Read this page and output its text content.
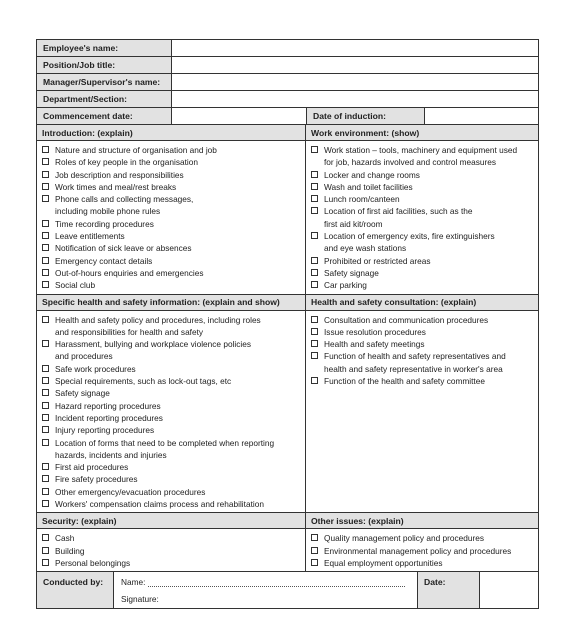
Employee's name:
Position/Job title:
Manager/Supervisor's name:
Department/Section:
Commencement date:	Date of induction:
Introduction: (explain)
Nature and structure of organisation and job
Roles of key people in the organisation
Job description and responsibilities
Work times and meal/rest breaks
Phone calls and collecting messages,
including mobile phone rules
Time recording procedures
Leave entitlements
Notification of sick leave or absences
Emergency contact details
Out-of-hours enquiries and emergencies
Social club
Work environment: (show)
Work station – tools, machinery and equipment used
for job, hazards involved and control measures
Locker and change rooms
Wash and toilet facilities
Lunch room/canteen
Location of first aid facilities, such as the
first aid kit/room
Location of emergency exits, fire extinguishers
and eye wash stations
Prohibited or restricted areas
Safety signage
Car parking
Specific health and safety information: (explain and show)
Health and safety policy and procedures, including roles
and responsibilities for health and safety
Harassment, bullying and workplace violence policies
and procedures
Safe work procedures
Special requirements, such as lock-out tags, etc
Safety signage
Hazard reporting procedures
Incident reporting procedures
Injury reporting procedures
Location of forms that need to be completed when reporting
hazards, incidents and injuries
First aid procedures
Fire safety procedures
Other emergency/evacuation procedures
Workers' compensation claims process and rehabilitation
Health and safety consultation: (explain)
Consultation and communication procedures
Issue resolution procedures
Health and safety meetings
Function of health and safety representatives and
health and safety representative in worker's area
Function of the health and safety committee
Security: (explain)
Cash
Building
Personal belongings
Other issues: (explain)
Quality management policy and procedures
Environmental management policy and procedures
Equal employment opportunities
Conducted by:	Name:
Signature:
Date:
